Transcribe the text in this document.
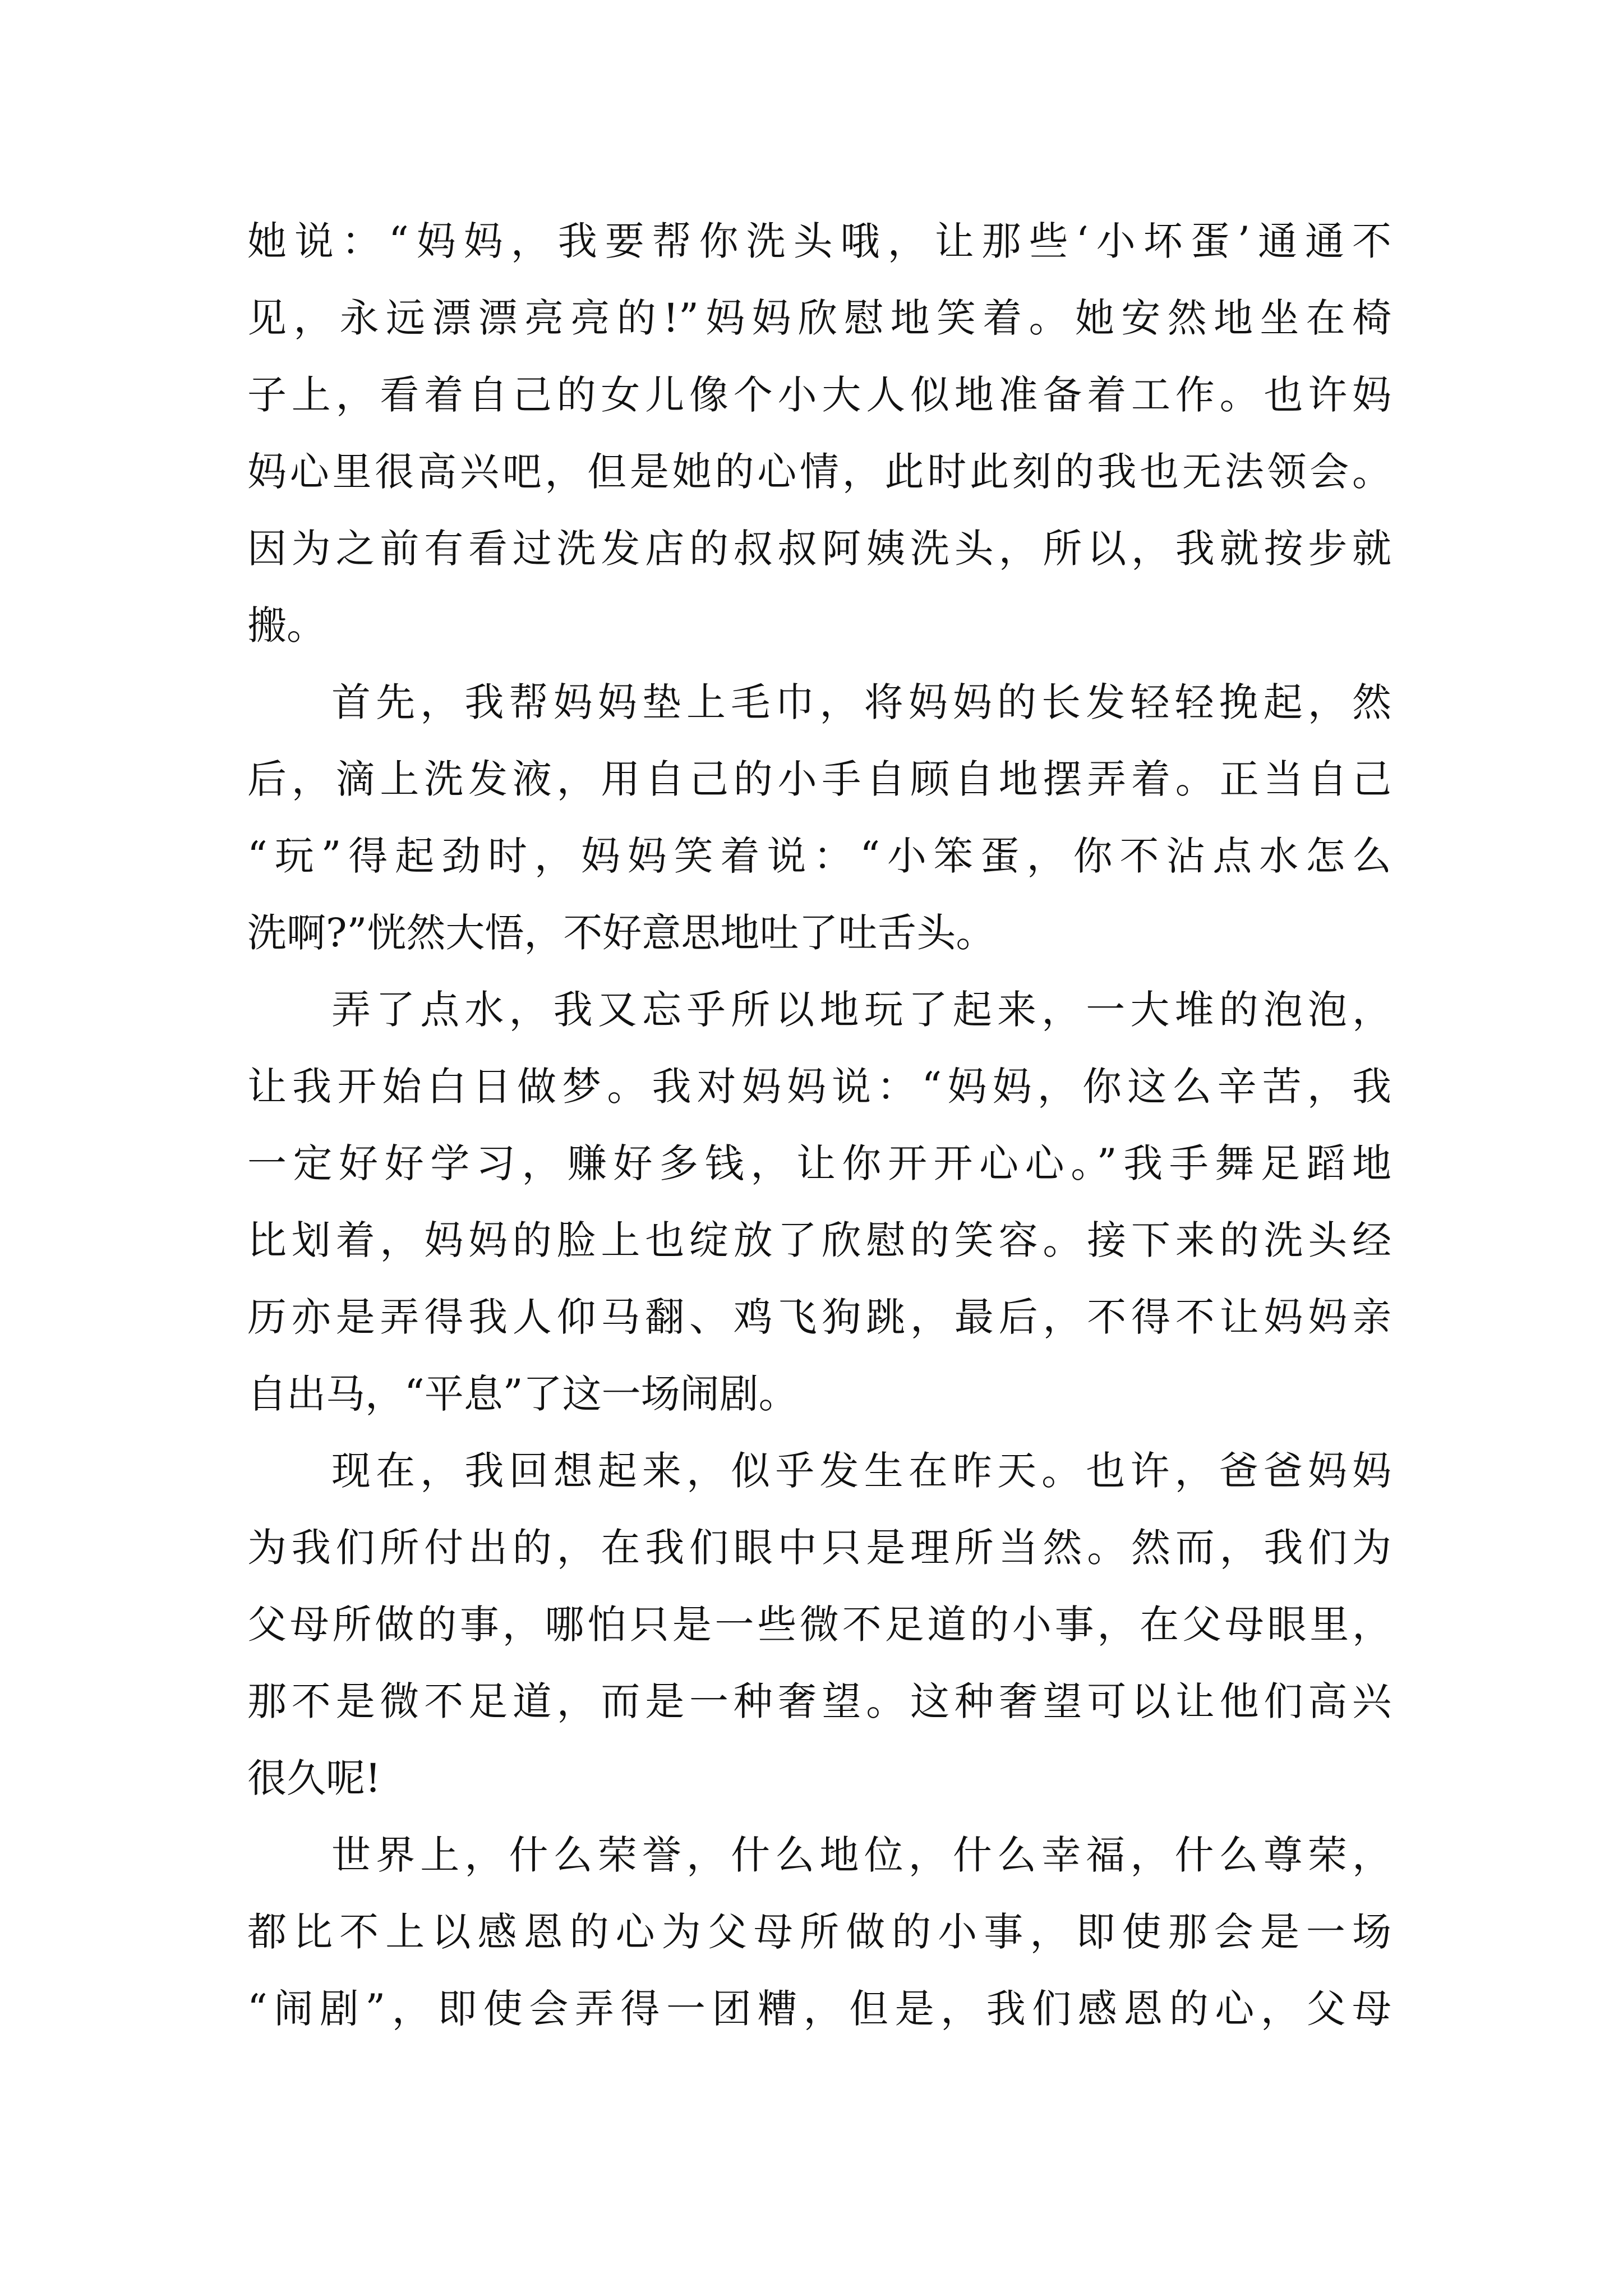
她说：“妈妈，我要帮你洗头哦，让那些‘小坏蛋’通通不
见，永远漂漂亮亮的!”妈妈欣慰地笑着。她安然地坐在椅
子上，看着自己的女儿像个小大人似地准备着工作。也许妈
妈心里很高兴吧，但是她的心情，此时此刻的我也无法领会。
因为之前有看过洗发店的叔叔阿姨洗头，所以，我就按步就
搬。
首先，我帮妈妈垫上毛巾，将妈妈的长发轻轻挽起，然
后，滴上洗发液，用自己的小手自顾自地摆弄着。正当自己
“玩”得起劲时，妈妈笑着说：“小笨蛋，你不沾点水怎么
洗啊?”恍然大悟，不好意思地吐了吐舌头。
弄了点水，我又忘乎所以地玩了起来，一大堆的泡泡，
让我开始白日做梦。我对妈妈说：“妈妈，你这么辛苦，我
一定好好学习，赚好多钱，让你开开心心。”我手舞足蹈地
比划着，妈妈的脸上也绽放了欣慰的笑容。接下来的洗头经
历亦是弄得我人仰马翻、鸡飞狗跳，最后，不得不让妈妈亲
自出马，“平息”了这一场闹剧。
现在，我回想起来，似乎发生在昨天。也许，爸爸妈妈
为我们所付出的，在我们眼中只是理所当然。然而，我们为
父母所做的事，哪怕只是一些微不足道的小事，在父母眼里，
那不是微不足道，而是一种奢望。这种奢望可以让他们高兴
很久呢!
世界上，什么荣誉，什么地位，什么幸福，什么尊荣，
都比不上以感恩的心为父母所做的小事，即使那会是一场
“闹剧”，即使会弄得一团糟，但是，我们感恩的心，父母
